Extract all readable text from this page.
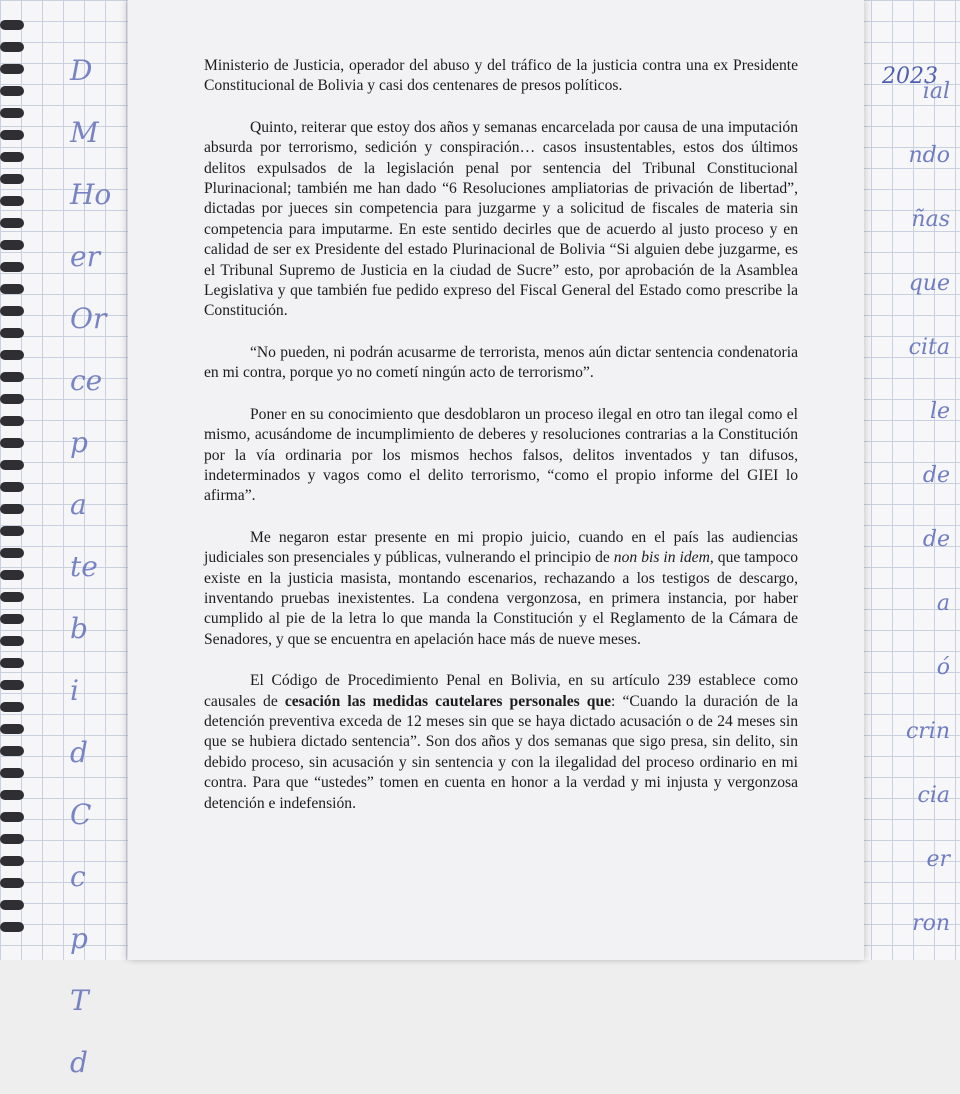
D
M
Ho
er
Or
ce
p
a
te
b
i
d
C
c
p
T
d
2023
ial
ndo
ñas
que
cita
le
de
de
a
ó
crin
cia
er
ron

Ministerio de Justicia, operador del abuso y del tráfico de la justicia contra una ex Presidente Constitucional de Bolivia y casi dos centenares de presos políticos.

Quinto, reiterar que estoy dos años y semanas encarcelada por causa de una imputación absurda por terrorismo, sedición y conspiración… casos insustentables, estos dos últimos delitos expulsados de la legislación penal por sentencia del Tribunal Constitucional Plurinacional; también me han dado “6 Resoluciones ampliatorias de privación de libertad”, dictadas por jueces sin competencia para juzgarme y a solicitud de fiscales de materia sin competencia para imputarme. En este sentido decirles que de acuerdo al justo proceso y en calidad de ser ex Presidente del estado Plurinacional de Bolivia “Si alguien debe juzgarme, es el Tribunal Supremo de Justicia en la ciudad de Sucre” esto, por aprobación de la Asamblea Legislativa y que también fue pedido expreso del Fiscal General del Estado como prescribe la Constitución.

“No pueden, ni podrán acusarme de terrorista, menos aún dictar sentencia condenatoria en mi contra, porque yo no cometí ningún acto de terrorismo”.

Poner en su conocimiento que desdoblaron un proceso ilegal en otro tan ilegal como el mismo, acusándome de incumplimiento de deberes y resoluciones contrarias a la Constitución por la vía ordinaria por los mismos hechos falsos, delitos inventados y tan difusos, indeterminados y vagos como el delito terrorismo, “como el propio informe del GIEI lo afirma”.

Me negaron estar presente en mi propio juicio, cuando en el país las audiencias judiciales son presenciales y públicas, vulnerando el principio de non bis in idem, que tampoco existe en la justicia masista, montando escenarios, rechazando a los testigos de descargo, inventando pruebas inexistentes. La condena vergonzosa, en primera instancia, por haber cumplido al pie de la letra lo que manda la Constitución y el Reglamento de la Cámara de Senadores, y que se encuentra en apelación hace más de nueve meses.

El Código de Procedimiento Penal en Bolivia, en su artículo 239 establece como causales de cesación las medidas cautelares personales que: “Cuando la duración de la detención preventiva exceda de 12 meses sin que se haya dictado acusación o de 24 meses sin que se hubiera dictado sentencia”. Son dos años y dos semanas que sigo presa, sin delito, sin debido proceso, sin acusación y sin sentencia y con la ilegalidad del proceso ordinario en mi contra. Para que “ustedes” tomen en cuenta en honor a la verdad y mi injusta y vergonzosa detención e indefensión.
